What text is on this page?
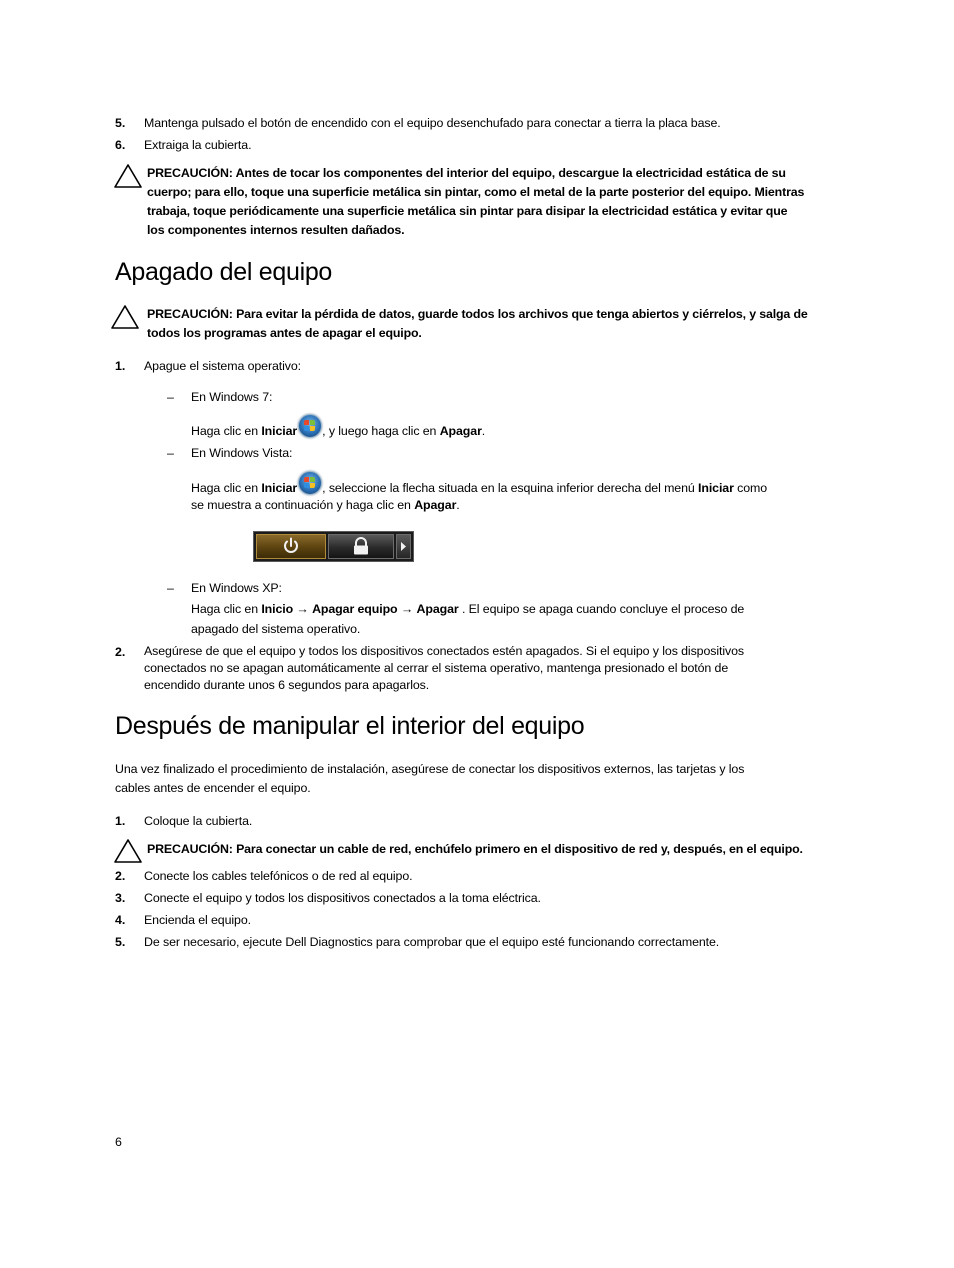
5. Mantenga pulsado el botón de encendido con el equipo desenchufado para conectar a tierra la placa base.
6. Extraiga la cubierta.
PRECAUCIÓN: Antes de tocar los componentes del interior del equipo, descargue la electricidad estática de su
cuerpo; para ello, toque una superficie metálica sin pintar, como el metal de la parte posterior del equipo. Mientras
trabaja, toque periódicamente una superficie metálica sin pintar para disipar la electricidad estática y evitar que
los componentes internos resulten dañados.
Apagado del equipo
PRECAUCIÓN: Para evitar la pérdida de datos, guarde todos los archivos que tenga abiertos y ciérrelos, y salga de
todos los programas antes de apagar el equipo.
1. Apague el sistema operativo:
– En Windows 7:
Haga clic en Iniciar , y luego haga clic en Apagar.
– En Windows Vista:
Haga clic en Iniciar , seleccione la flecha situada en la esquina inferior derecha del menú Iniciar como
se muestra a continuación y haga clic en Apagar.
– En Windows XP:
Haga clic en Inicio → Apagar equipo → Apagar . El equipo se apaga cuando concluye el proceso de
apagado del sistema operativo.
2. Asegúrese de que el equipo y todos los dispositivos conectados estén apagados. Si el equipo y los dispositivos
conectados no se apagan automáticamente al cerrar el sistema operativo, mantenga presionado el botón de
encendido durante unos 6 segundos para apagarlos.
Después de manipular el interior del equipo
Una vez finalizado el procedimiento de instalación, asegúrese de conectar los dispositivos externos, las tarjetas y los
cables antes de encender el equipo.
1. Coloque la cubierta.
PRECAUCIÓN: Para conectar un cable de red, enchúfelo primero en el dispositivo de red y, después, en el equipo.
2. Conecte los cables telefónicos o de red al equipo.
3. Conecte el equipo y todos los dispositivos conectados a la toma eléctrica.
4. Encienda el equipo.
5. De ser necesario, ejecute Dell Diagnostics para comprobar que el equipo esté funcionando correctamente.
6
